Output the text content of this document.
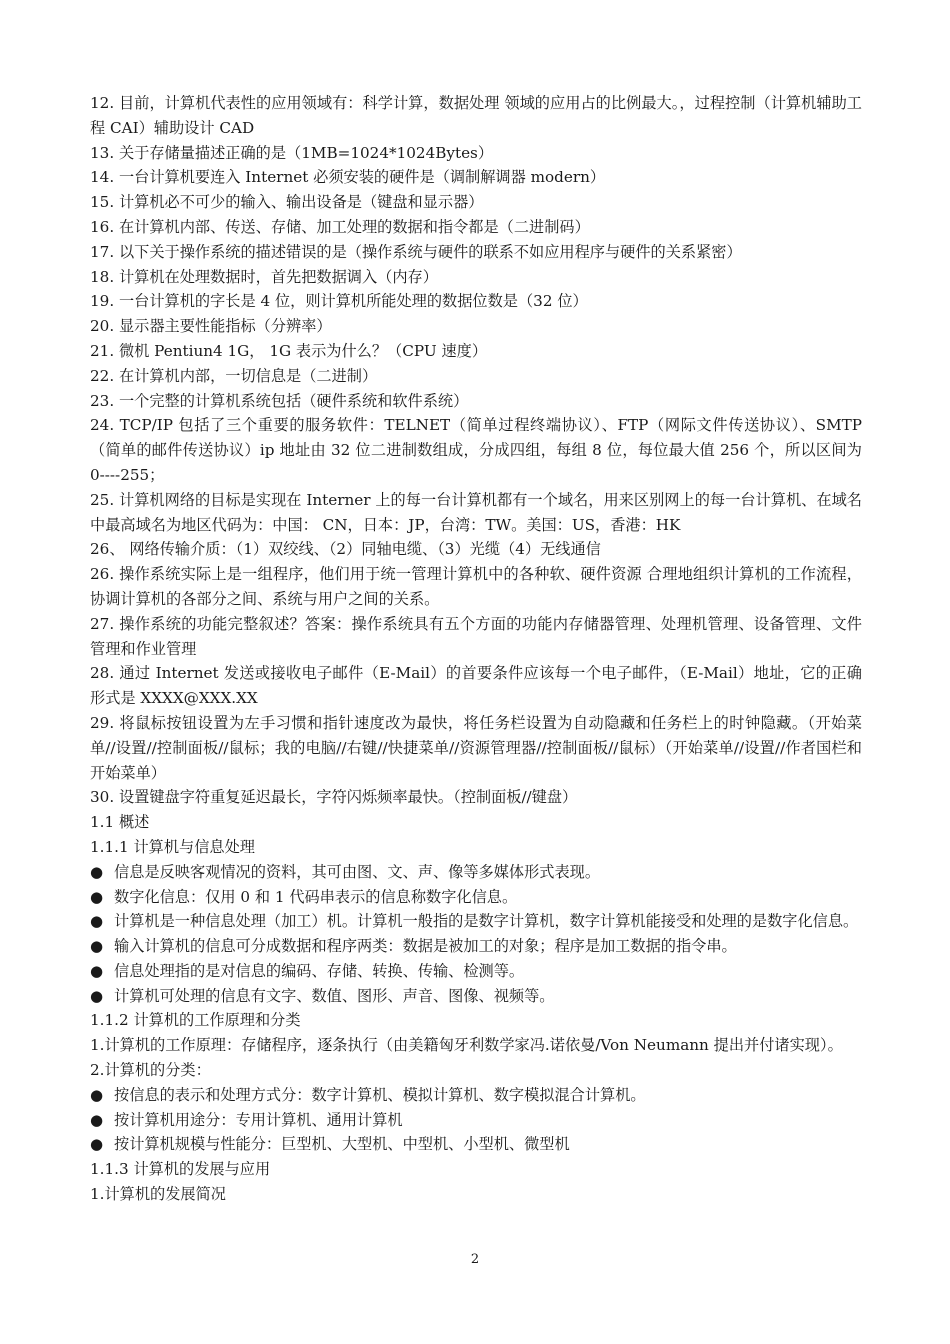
12. 目前，计算机代表性的应用领域有：科学计算，数据处理 领域的应用占的比例最大。，过程控制（计算机辅助工程 CAI）辅助设计 CAD
13. 关于存储量描述正确的是（1MB=1024*1024Bytes）
14. 一台计算机要连入 Internet 必须安装的硬件是（调制解调器 modern）
15. 计算机必不可少的输入、输出设备是（键盘和显示器）
16. 在计算机内部、传送、存储、加工处理的数据和指令都是（二进制码）
17. 以下关于操作系统的描述错误的是（操作系统与硬件的联系不如应用程序与硬件的关系紧密）
18. 计算机在处理数据时，首先把数据调入（内存）
19. 一台计算机的字长是 4 位，则计算机所能处理的数据位数是（32 位）
20. 显示器主要性能指标（分辨率）
21. 微机 Pentiun4 1G， 1G 表示为什么？（CPU 速度）
22. 在计算机内部，一切信息是（二进制）
23. 一个完整的计算机系统包括（硬件系统和软件系统）
24. TCP/IP 包括了三个重要的服务软件：TELNET（简单过程终端协议）、FTP（网际文件传送协议）、SMTP（简单的邮件传送协议）ip 地址由 32 位二进制数组成，分成四组，每组 8 位，每位最大值 256 个，所以区间为 0----255；
25. 计算机网络的目标是实现在 Interner 上的每一台计算机都有一个域名，用来区别网上的每一台计算机、在域名中最高域名为地区代码为：中国： CN，日本：JP，台湾：TW。美国：US，香港：HK
26、 网络传输介质：（1）双绞线、（2）同轴电缆、（3）光缆（4）无线通信
26. 操作系统实际上是一组程序，他们用于统一管理计算机中的各种软、硬件资源 合理地组织计算机的工作流程，协调计算机的各部分之间、系统与用户之间的关系。
27. 操作系统的功能完整叙述？答案：操作系统具有五个方面的功能内存储器管理、处理机管理、设备管理、文件管理和作业管理
28. 通过 Internet 发送或接收电子邮件（E-Mail）的首要条件应该每一个电子邮件，（E-Mail）地址，它的正确形式是 XXXX@XXX.XX
29. 将鼠标按钮设置为左手习惯和指针速度改为最快，将任务栏设置为自动隐藏和任务栏上的时钟隐藏。（开始菜单//设置//控制面板//鼠标；我的电脑//右键//快捷菜单//资源管理器//控制面板//鼠标）（开始菜单//设置//作者国栏和开始菜单）
30. 设置键盘字符重复延迟最长，字符闪烁频率最快。（控制面板//键盘）
1.1 概述
1.1.1 计算机与信息处理
● 信息是反映客观情况的资料，其可由图、文、声、像等多媒体形式表现。
● 数字化信息：仅用 0 和 1 代码串表示的信息称数字化信息。
● 计算机是一种信息处理（加工）机。计算机一般指的是数字计算机，数字计算机能接受和处理的是数字化信息。
● 输入计算机的信息可分成数据和程序两类：数据是被加工的对象；程序是加工数据的指令串。
● 信息处理指的是对信息的编码、存储、转换、传输、检测等。
● 计算机可处理的信息有文字、数值、图形、声音、图像、视频等。
1.1.2 计算机的工作原理和分类
1.计算机的工作原理：存储程序，逐条执行（由美籍匈牙利数学家冯.诺依曼/Von Neumann 提出并付诸实现）。
2.计算机的分类：
● 按信息的表示和处理方式分：数字计算机、模拟计算机、数字模拟混合计算机。
● 按计算机用途分：专用计算机、通用计算机
● 按计算机规模与性能分：巨型机、大型机、中型机、小型机、微型机
1.1.3 计算机的发展与应用
1.计算机的发展简况
2
